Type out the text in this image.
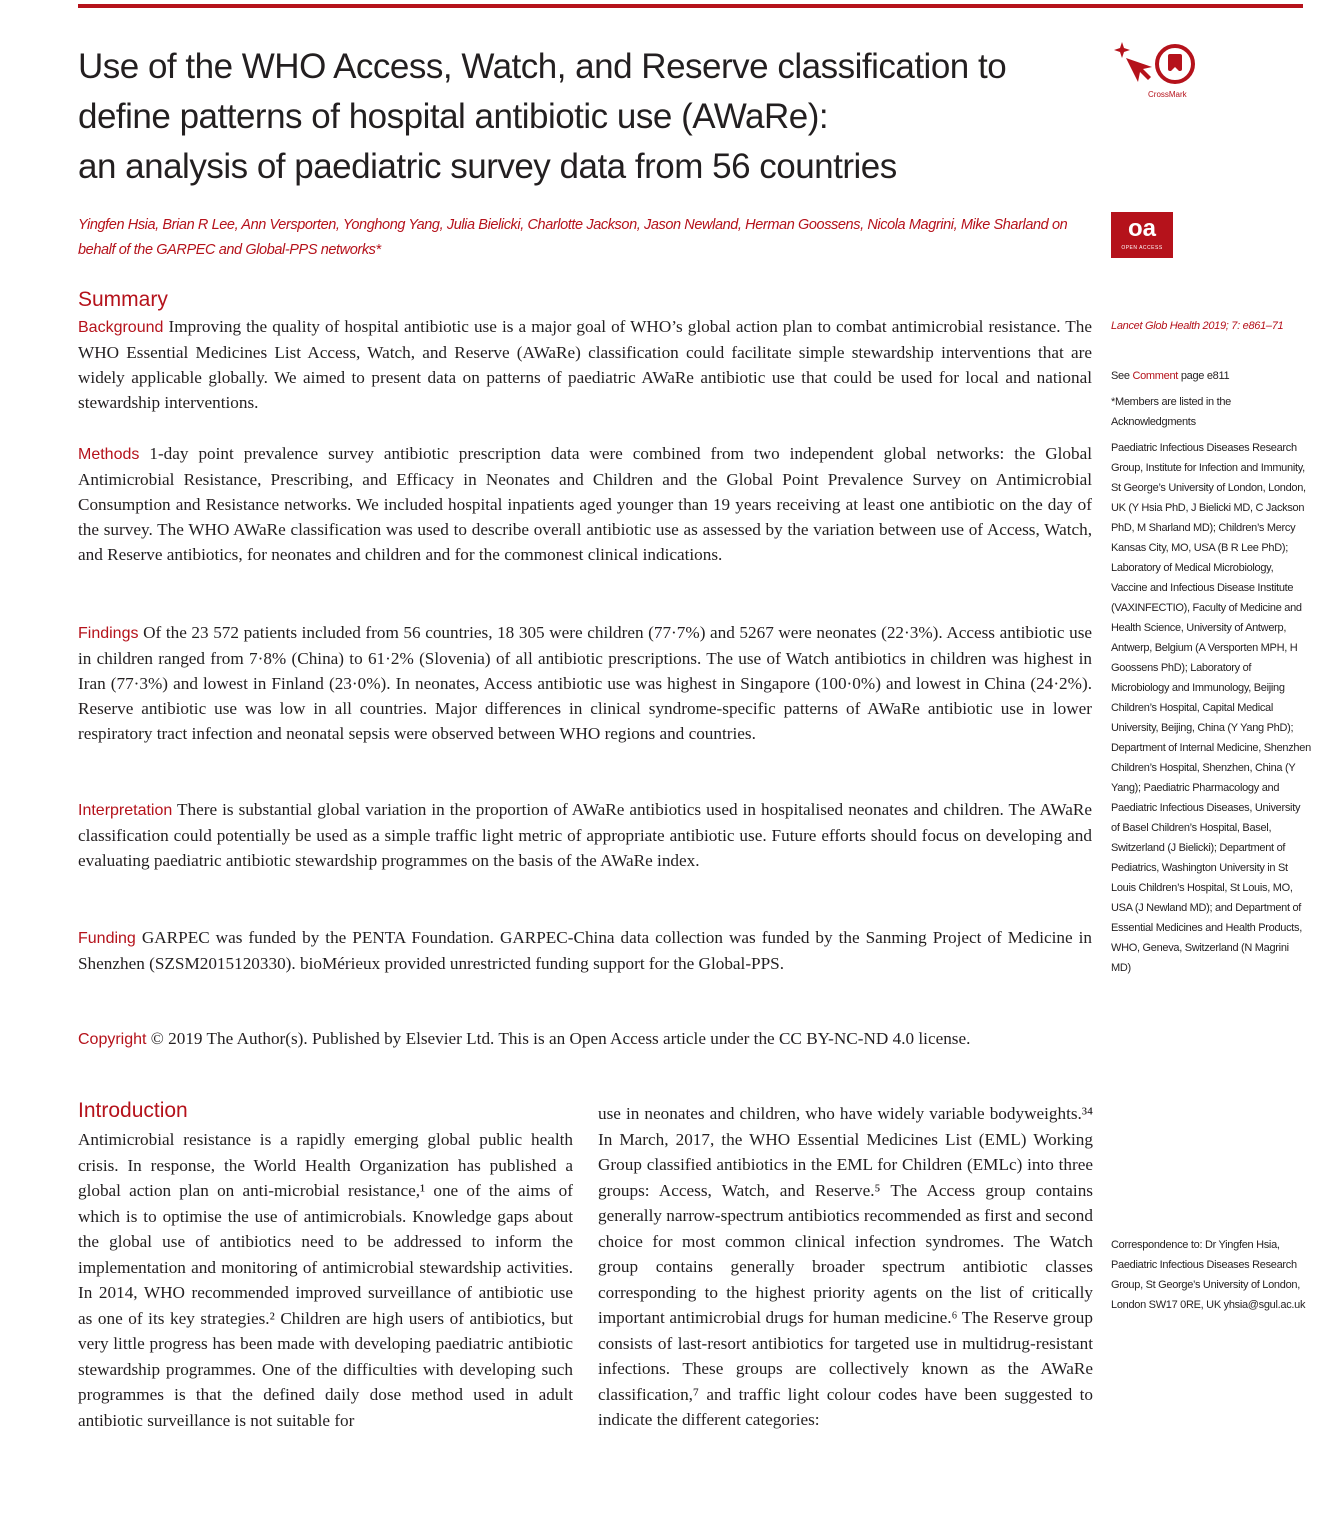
Use of the WHO Access, Watch, and Reserve classification to
define patterns of hospital antibiotic use (AWaRe):
an analysis of paediatric survey data from 56 countries
CrossMark

Yingfen Hsia, Brian R Lee, Ann Versporten, Yonghong Yang, Julia Bielicki, Charlotte Jackson, Jason Newland, Herman Goossens, Nicola Magrini, Mike Sharland on behalf of the GARPEC and Global-PPS networks*

oa
OPEN ACCESS
Summary

Background Improving the quality of hospital antibiotic use is a major goal of WHO’s global action plan to combat antimicrobial resistance. The WHO Essential Medicines List Access, Watch, and Reserve (AWaRe) classification could facilitate simple stewardship interventions that are widely applicable globally. We aimed to present data on patterns of paediatric AWaRe antibiotic use that could be used for local and national stewardship interventions.

Methods 1-day point prevalence survey antibiotic prescription data were combined from two independent global networks: the Global Antimicrobial Resistance, Prescribing, and Efficacy in Neonates and Children and the Global Point Prevalence Survey on Antimicrobial Consumption and Resistance networks. We included hospital inpatients aged younger than 19 years receiving at least one antibiotic on the day of the survey. The WHO AWaRe classification was used to describe overall antibiotic use as assessed by the variation between use of Access, Watch, and Reserve antibiotics, for neonates and children and for the commonest clinical indications.

Findings Of the 23 572 patients included from 56 countries, 18 305 were children (77·7%) and 5267 were neonates (22·3%). Access antibiotic use in children ranged from 7·8% (China) to 61·2% (Slovenia) of all antibiotic prescriptions. The use of Watch antibiotics in children was highest in Iran (77·3%) and lowest in Finland (23·0%). In neonates, Access antibiotic use was highest in Singapore (100·0%) and lowest in China (24·2%). Reserve antibiotic use was low in all countries. Major differences in clinical syndrome-specific patterns of AWaRe antibiotic use in lower respiratory tract infection and neonatal sepsis were observed between WHO regions and countries.

Interpretation There is substantial global variation in the proportion of AWaRe antibiotics used in hospitalised neonates and children. The AWaRe classification could potentially be used as a simple traffic light metric of appropriate antibiotic use. Future efforts should focus on developing and evaluating paediatric antibiotic stewardship programmes on the basis of the AWaRe index.

Funding GARPEC was funded by the PENTA Foundation. GARPEC-China data collection was funded by the Sanming Project of Medicine in Shenzhen (SZSM2015120330). bioMérieux provided unrestricted funding support for the Global-PPS.

Copyright © 2019 The Author(s). Published by Elsevier Ltd. This is an Open Access article under the CC BY-NC-ND 4.0 license.

Introduction

Antimicrobial resistance is a rapidly emerging global public health crisis. In response, the World Health Organization has published a global action plan on anti-microbial resistance,¹ one of the aims of which is to optimise the use of antimicrobials. Knowledge gaps about the global use of antibiotics need to be addressed to inform the implementation and monitoring of antimicrobial stewardship activities. In 2014, WHO recommended improved surveillance of antibiotic use as one of its key strategies.² Children are high users of antibiotics, but very little progress has been made with developing paediatric antibiotic stewardship programmes. One of the difficulties with developing such programmes is that the defined daily dose method used in adult antibiotic surveillance is not suitable for

use in neonates and children, who have widely variable bodyweights.³⁴ In March, 2017, the WHO Essential Medicines List (EML) Working Group classified antibiotics in the EML for Children (EMLc) into three groups: Access, Watch, and Reserve.⁵ The Access group contains generally narrow-spectrum antibiotics recommended as first and second choice for most common clinical infection syndromes. The Watch group contains generally broader spectrum antibiotic classes corresponding to the highest priority agents on the list of critically important antimicrobial drugs for human medicine.⁶ The Reserve group consists of last-resort antibiotics for targeted use in multidrug-resistant infections. These groups are collectively known as the AWaRe classification,⁷ and traffic light colour codes have been suggested to indicate the different categories:

Lancet Glob Health 2019; 7: e861–71

See Comment page e811

*Members are listed in the Acknowledgments

Paediatric Infectious Diseases Research Group, Institute for Infection and Immunity, St George’s University of London, London, UK (Y Hsia PhD, J Bielicki MD, C Jackson PhD, M Sharland MD); Children’s Mercy Kansas City, MO, USA (B R Lee PhD); Laboratory of Medical Microbiology, Vaccine and Infectious Disease Institute (VAXINFECTIO), Faculty of Medicine and Health Science, University of Antwerp, Antwerp, Belgium (A Versporten MPH, H Goossens PhD); Laboratory of Microbiology and Immunology, Beijing Children’s Hospital, Capital Medical University, Beijing, China (Y Yang PhD); Department of Internal Medicine, Shenzhen Children’s Hospital, Shenzhen, China (Y Yang); Paediatric Pharmacology and Paediatric Infectious Diseases, University of Basel Children’s Hospital, Basel, Switzerland (J Bielicki); Department of Pediatrics, Washington University in St Louis Children’s Hospital, St Louis, MO, USA (J Newland MD); and Department of Essential Medicines and Health Products, WHO, Geneva, Switzerland (N Magrini MD)

Correspondence to: Dr Yingfen Hsia, Paediatric Infectious Diseases Research Group, St George’s University of London, London SW17 0RE, UK yhsia@sgul.ac.uk
